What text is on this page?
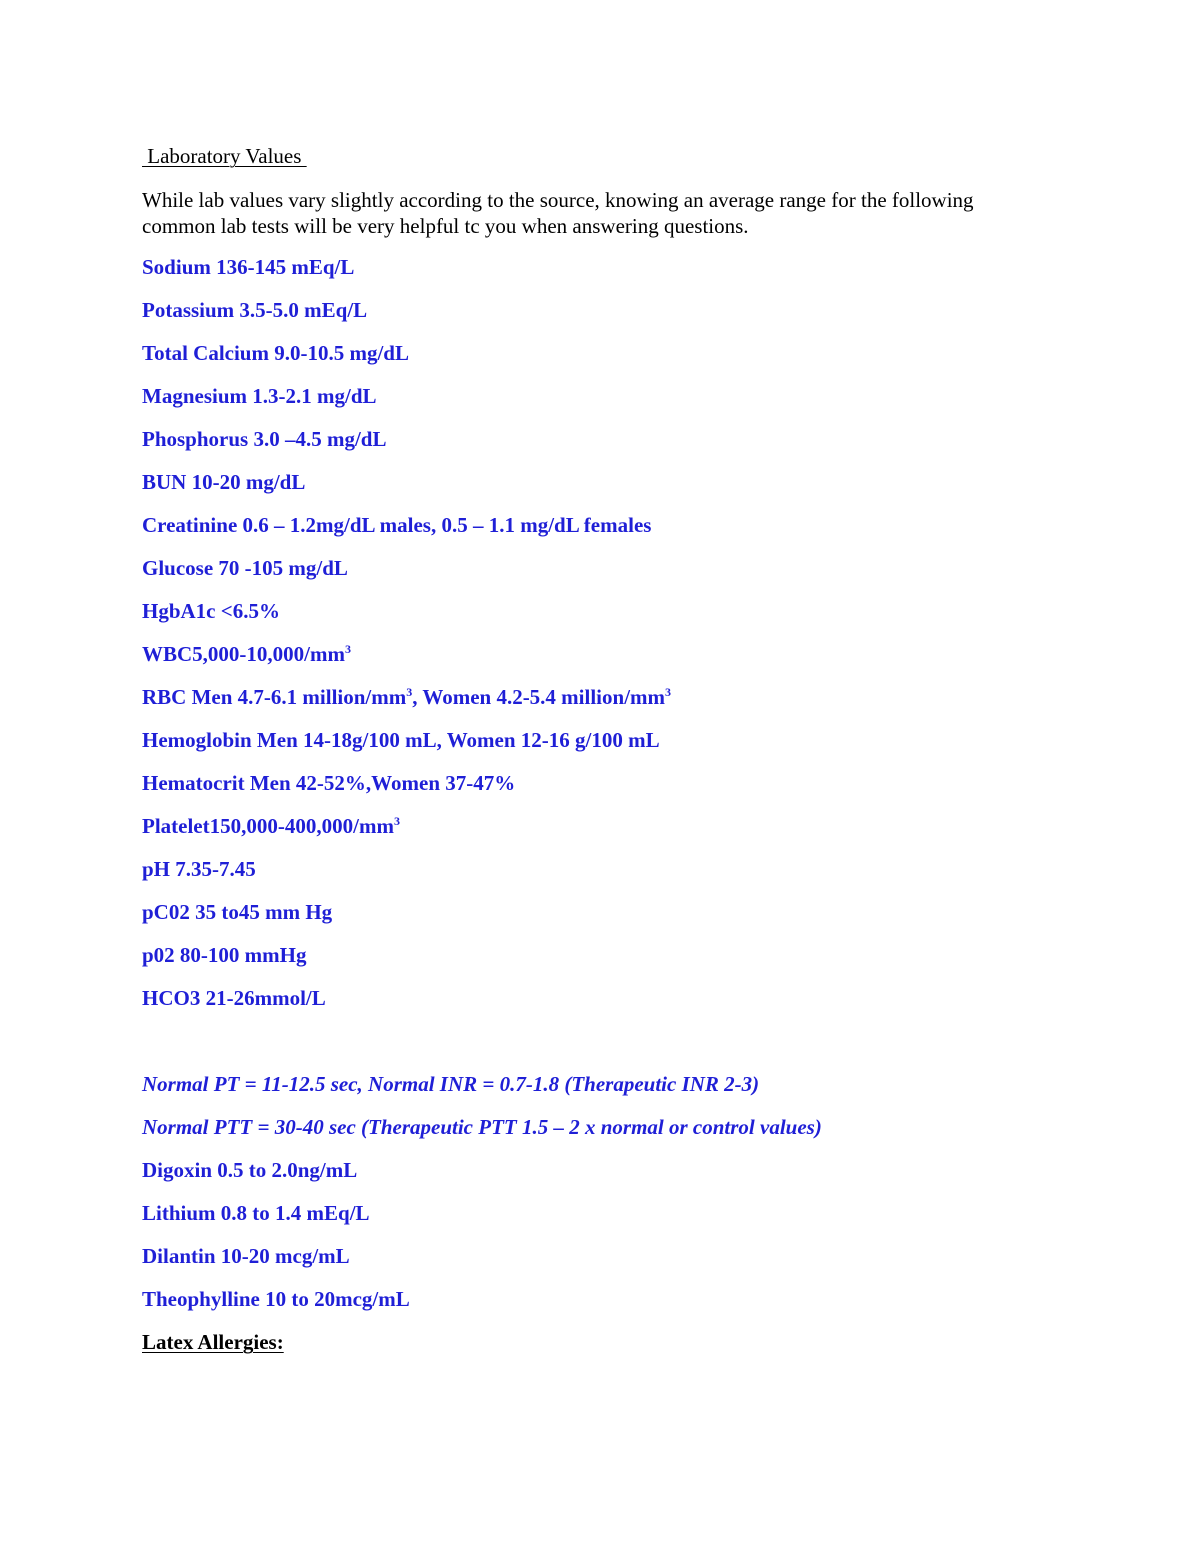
Laboratory Values
While lab values vary slightly according to the source, knowing an average range for the following common lab tests will be very helpful tc you when answering questions.
Sodium 136-145 mEq/L
Potassium 3.5-5.0 mEq/L
Total Calcium 9.0-10.5 mg/dL
Magnesium 1.3-2.1 mg/dL
Phosphorus 3.0 –4.5 mg/dL
BUN 10-20 mg/dL
Creatinine 0.6 – 1.2mg/dL males, 0.5 – 1.1 mg/dL females
Glucose 70 -105 mg/dL
HgbA1c <6.5%
$WBC5,000-10,000/mm^3$
RBC Men 4.7-6.1 million/$mm^3$, Women 4.2-5.4 million/$mm^3$
Hemoglobin Men 14-18g/100 mL, Women 12-16 g/100 mL
Hematocrit Men 42-52%,Women 37-47%
$Platelet150,000-400,000/mm^3$
pH 7.35-7.45
pC02 35 to45 mm Hg
p02 80-100 mmHg
HCO3 21-26mmol/L
Normal PT = 11-12.5 sec, Normal INR = 0.7-1.8 (Therapeutic INR 2-3)
Normal PTT = 30-40 sec (Therapeutic PTT 1.5 – 2 x normal or control values)
Digoxin 0.5 to 2.0ng/mL
Lithium 0.8 to 1.4 mEq/L
Dilantin 10-20 mcg/mL
Theophylline 10 to 20mcg/mL
Latex Allergies:
